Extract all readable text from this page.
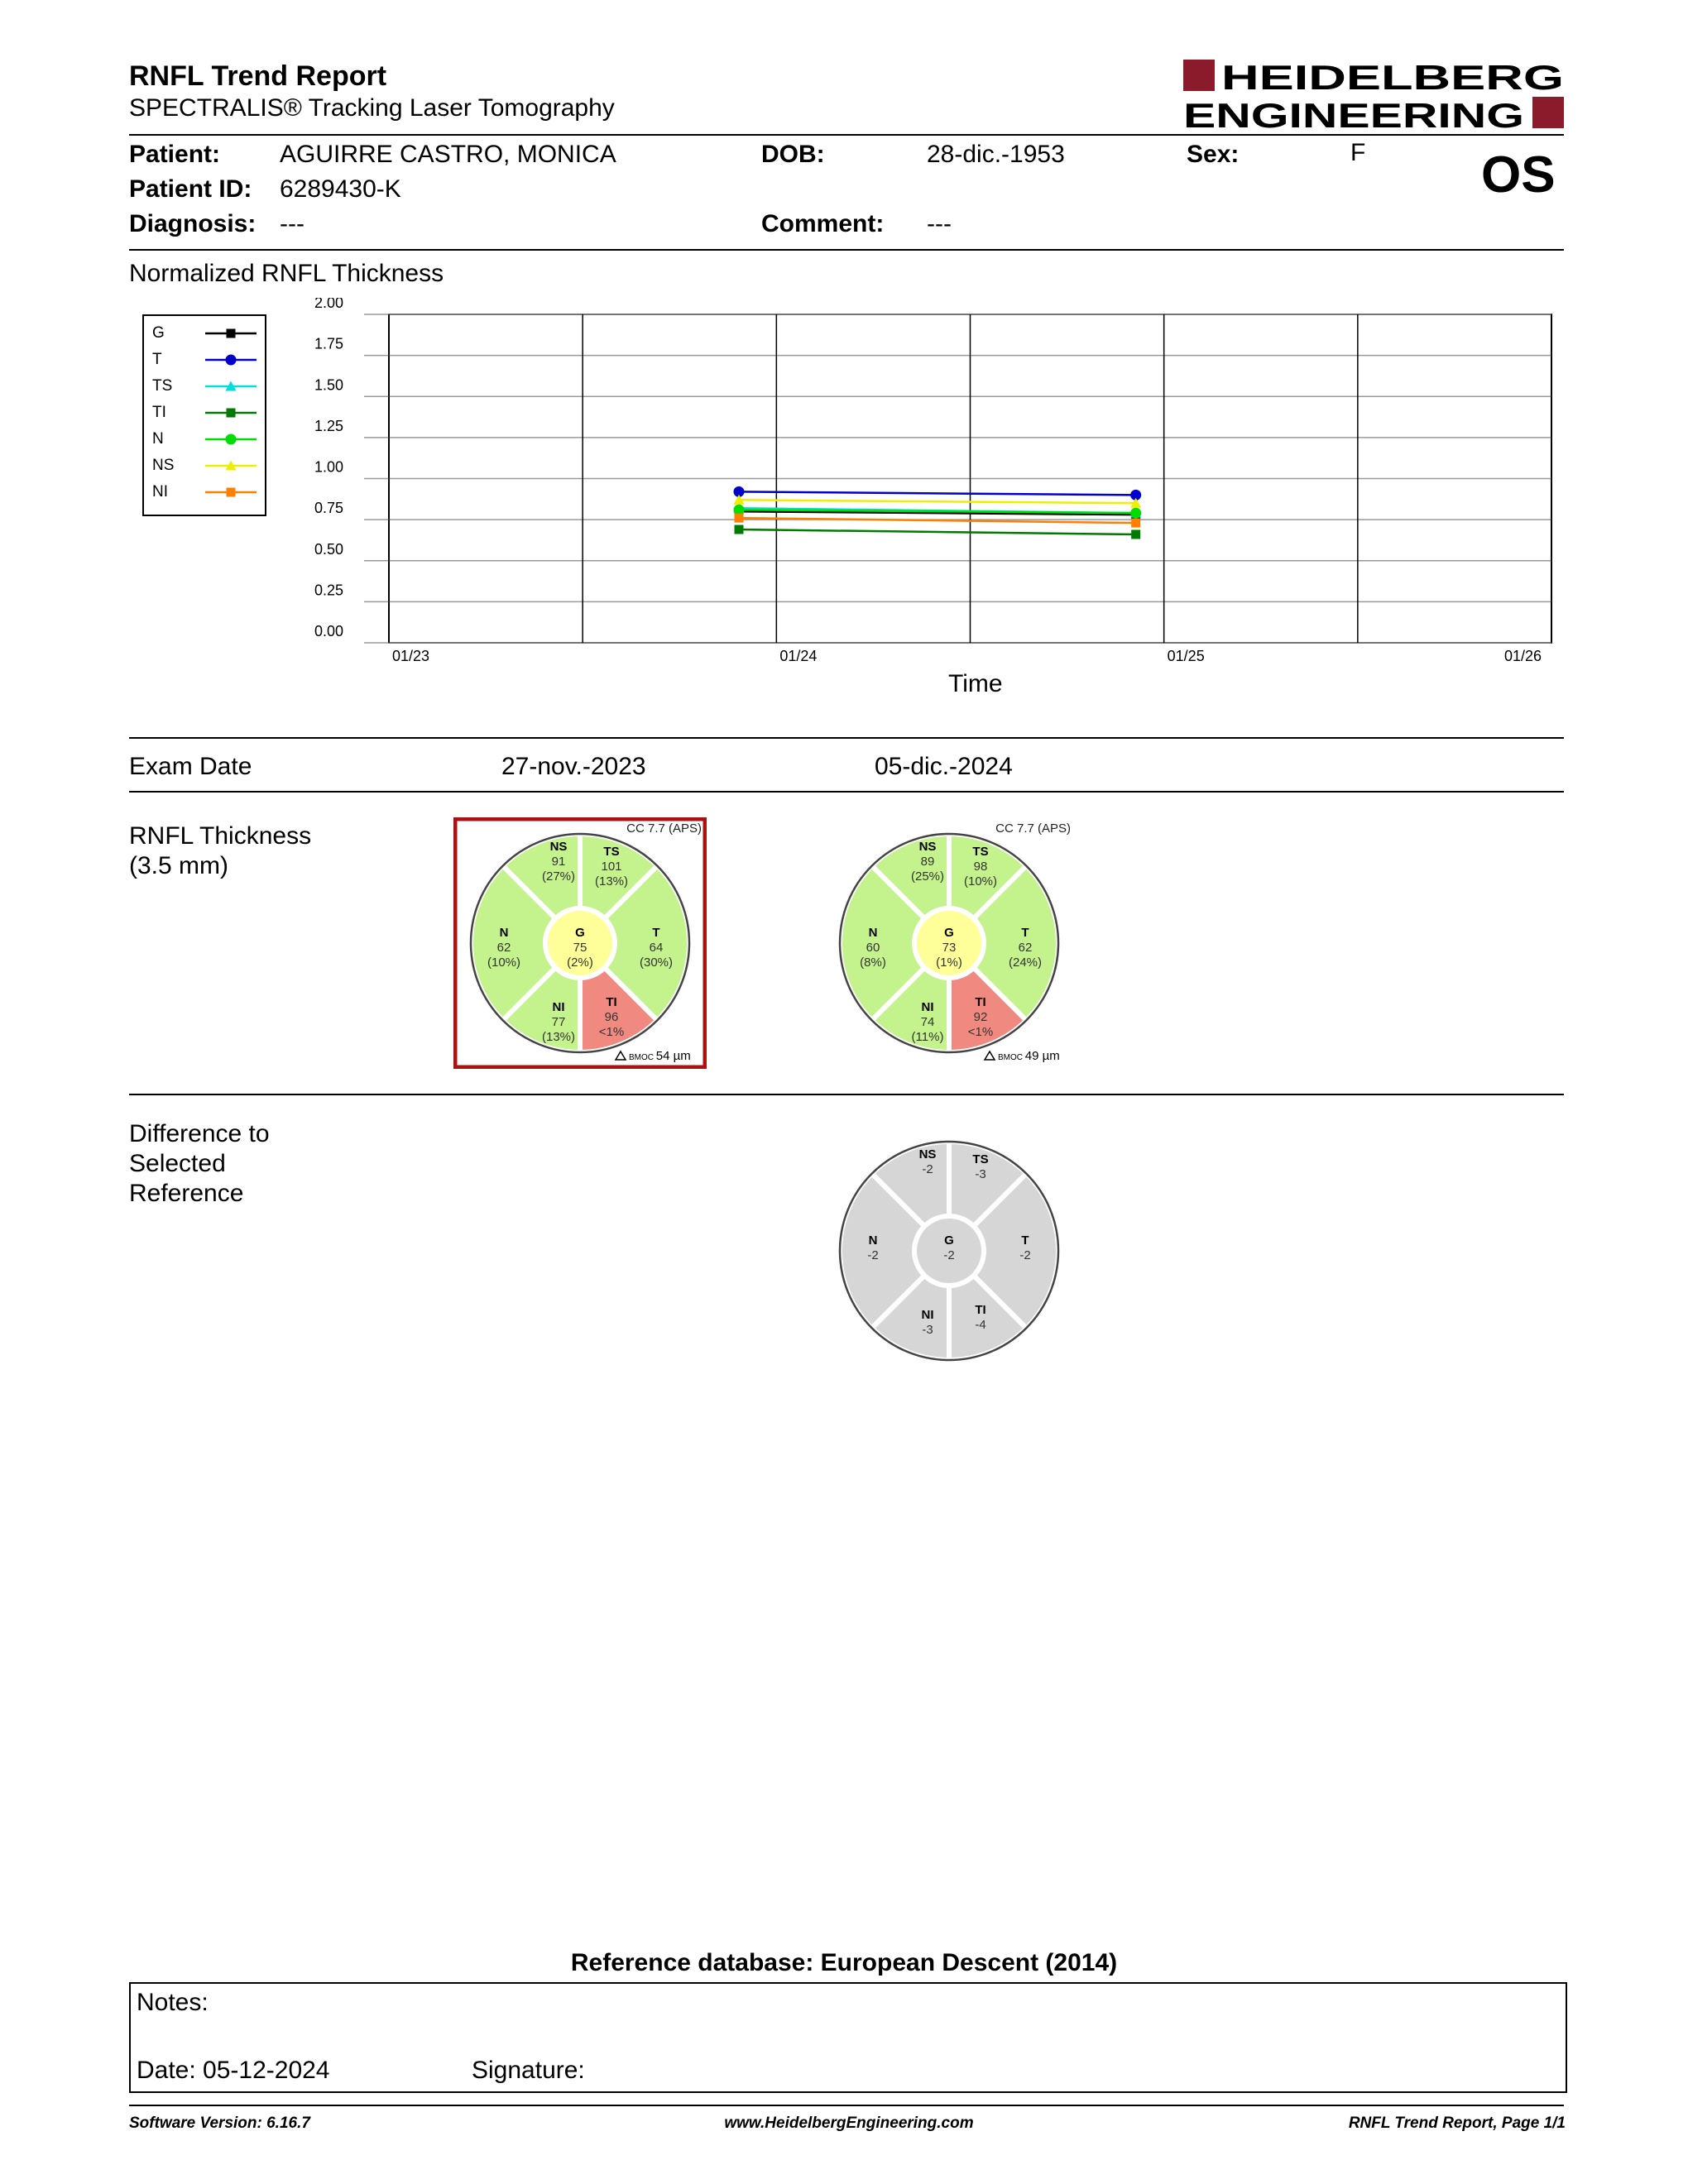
RNFL Trend Report
SPECTRALIS® Tracking Laser Tomography
HEIDELBERG
ENGINEERING
Patient: AGUIRRE CASTRO, MONICA
Patient ID: 6289430-K
Diagnosis: ---
DOB:	28-dic.-1953
Comment: ---
Sex:	F OS
Normalized RNFL Thickness
G
T
TS
TI
N
NS
NI
0.00
0.25
0.50
0.75
1.00
1.25
1.50
1.75
2.00
01/23	01/24	01/25	01/26
Time
Exam Date	27-nov.-2023	05-dic.-2024
RNFL Thickness
(3.5 mm)
NS 91 (27%)
TS 101 (13%)
N 62 (10%)
T 64 (30%)
NI 77 (13%)
TI 96 <1%
G 75 (2%)
CC 7.7 (APS)
BMOC 54 µm
NS 89 (25%)
TS 98 (10%)
N 60 (8%)
T 62 (24%)
NI 74 (11%)
TI 92 <1%
G 73 (1%)
CC 7.7 (APS)
BMOC 49 µm
Difference to
Selected
Reference
NS -2
TS -3
N -2
T -2
NI -3
TI -4
G -2
Reference database: European Descent (2014)
Notes:
Date: 05-12-2024	Signature:
Software Version: 6.16.7	www.HeidelbergEngineering.com	RNFL Trend Report, Page 1/1
